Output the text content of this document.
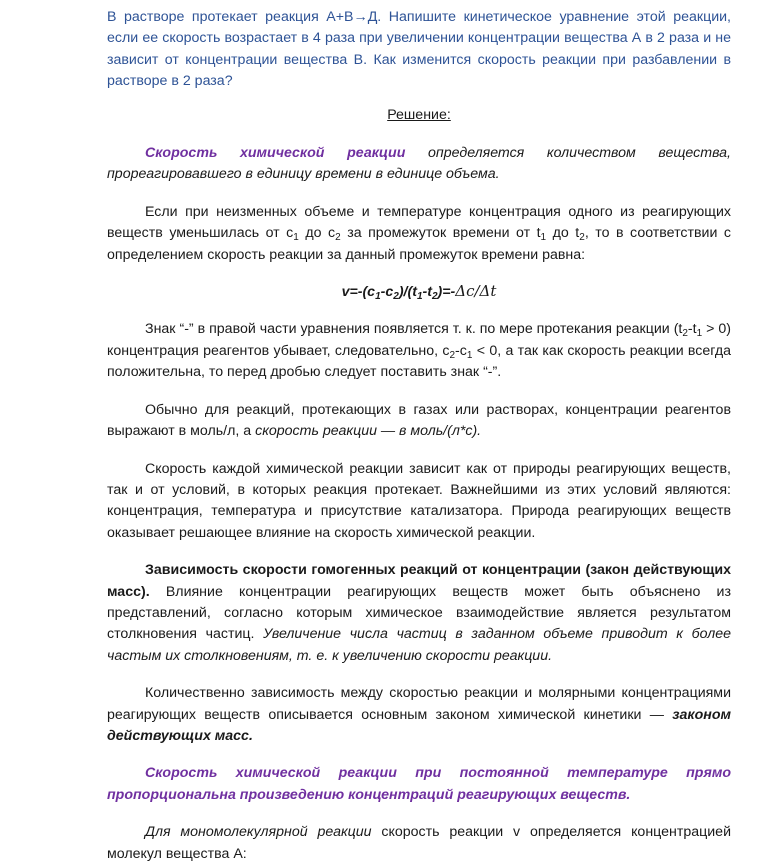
В растворе протекает реакция А+В→Д. Напишите кинетическое уравнение этой реакции, если ее скорость возрастает в 4 раза при увеличении концентрации вещества А в 2 раза и не зависит от концентрации вещества В. Как изменится скорость реакции при разбавлении в растворе в 2 раза?

Решение:

Скорость химической реакции определяется количеством вещества, прореагировавшего в единицу времени в единице объема.

Если при неизменных объеме и температуре концентрация одного из реагирующих веществ уменьшилась от $c_1$ до $c_2$ за промежуток времени от $t_1$ до $t_2$, то в соответствии с определением скорость реакции за данный промежуток времени равна:

$v=-(c_1-c_2)/(t_1-t_2)=-\Delta c/\Delta t$

Знак “-” в правой части уравнения появляется т. к. по мере протекания реакции $(t_2-t_1 > 0)$ концентрация реагентов убывает, следовательно, $c_2-c_1 < 0$, а так как скорость реакции всегда положительна, то перед дробью следует поставить знак “-”.

Обычно для реакций, протекающих в газах или растворах, концентрации реагентов выражают в моль/л, а скорость реакции — в моль/(л*с).

Скорость каждой химической реакции зависит как от природы реагирующих веществ, так и от условий, в которых реакция протекает. Важнейшими из этих условий являются: концентрация, температура и присутствие катализатора. Природа реагирующих веществ оказывает решающее влияние на скорость химической реакции.

Зависимость скорости гомогенных реакций от концентрации (закон действующих масс). Влияние концентрации реагирующих веществ может быть объяснено из представлений, согласно которым химическое взаимодействие является результатом столкновения частиц. Увеличение числа частиц в заданном объеме приводит к более частым их столкновениям, т. е. к увеличению скорости реакции.

Количественно зависимость между скоростью реакции и молярными концентрациями реагирующих веществ описывается основным законом химической кинетики — законом действующих масс.

Скорость химической реакции при постоянной температуре прямо пропорциональна произведению концентраций реагирующих веществ.

Для мономолекулярной реакции скорость реакции v определяется концентрацией молекул вещества А:
